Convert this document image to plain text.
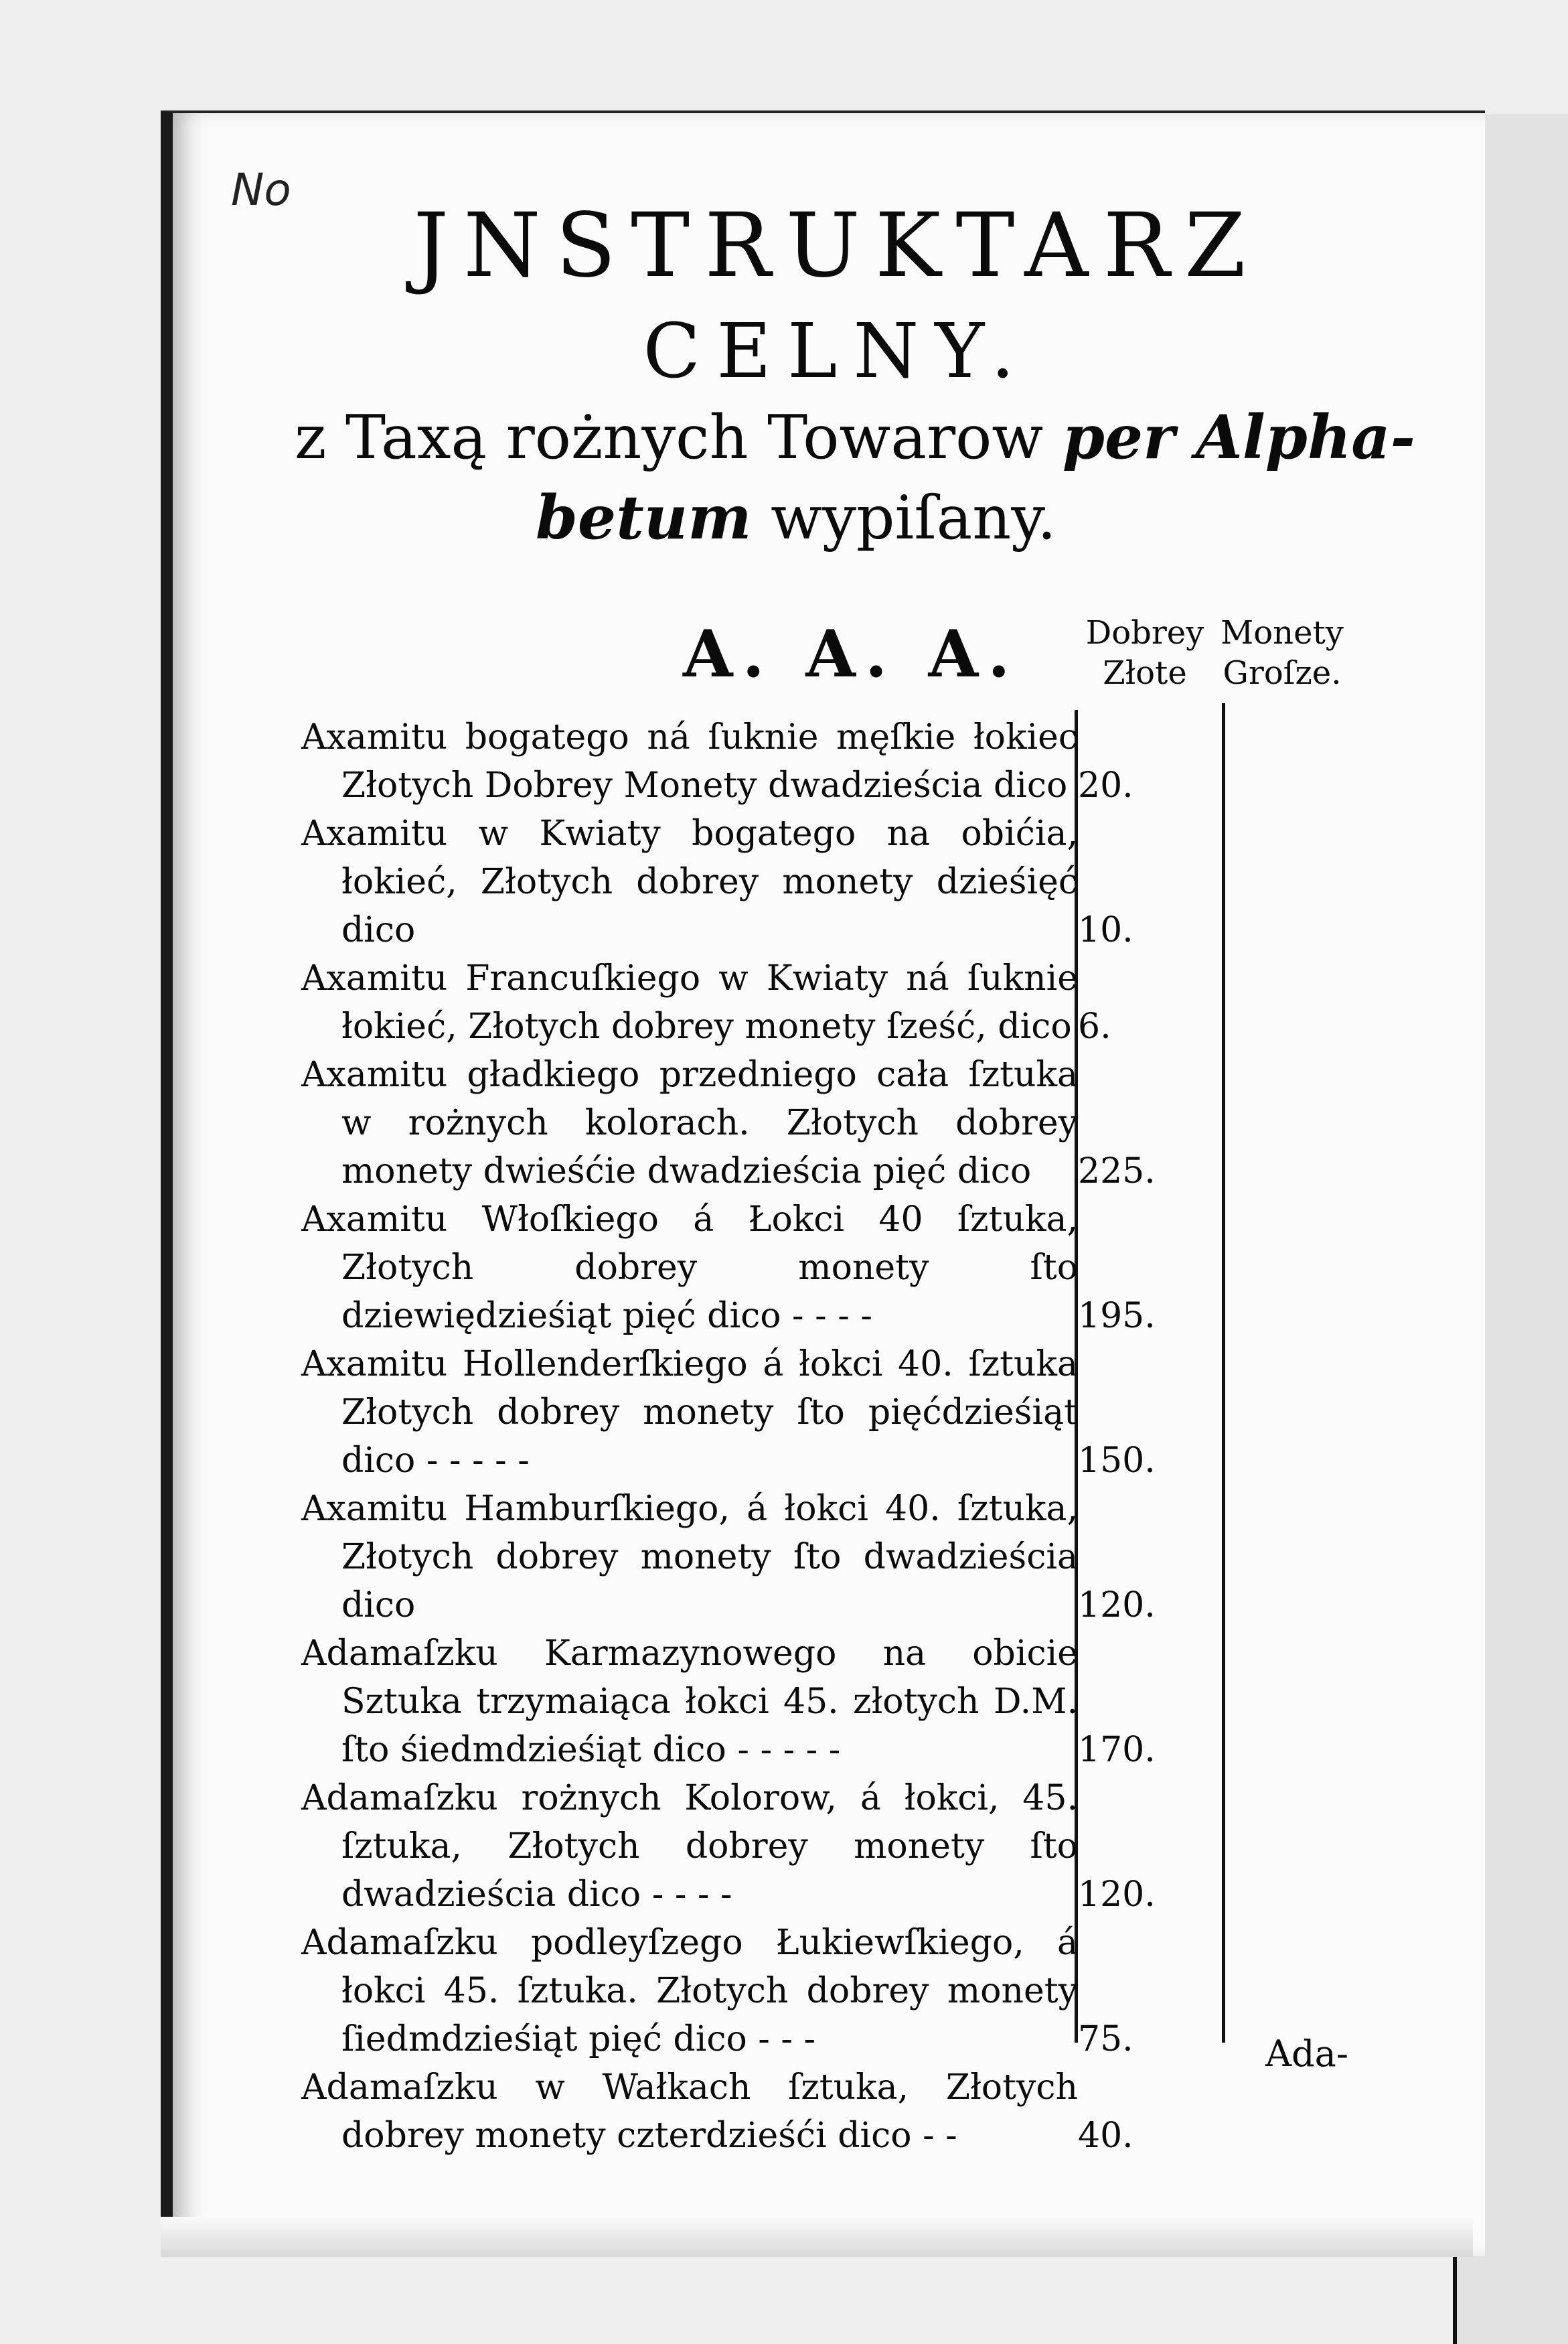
No
JNSTRUKTARZ
CELNY.
z Taxą rożnych Towarow per Alpha-
betum wypiſany.
A. A. A. Dobrey Złote
Monety Groſze.
Axamitu bogatego ná ſuknie męſkie łokiec Złotych Dobrey Monety dwadzieścia dico 20.
Axamitu w Kwiaty bogatego na obićia, łokieć, Złotych dobrey monety dzieśięć dico	10.
Axamitu Francuſkiego w Kwiaty ná ſuknie łokieć, Złotych dobrey monety ſześć, dico 6.
Axamitu gładkiego przedniego cała ſztuka w rożnych kolorach. Złotych dobrey monety dwieśćie dwadzieścia pięć dico 225.
Axamitu Włoſkiego á Łokci 40 ſztuka, Złotych dobrey monety ſto dziewiędzieśiąt pięć dico - - - -	195.
Axamitu Hollenderſkiego á łokci 40. ſztuka Złotych dobrey monety ſto pięćdzieśiąt dico - - - - -	150.
Axamitu Hamburſkiego, á łokci 40. ſztuka, Złotych dobrey monety ſto dwadzieścia dico	120.
Adamaſzku Karmazynowego na obicie Sztuka trzymaiąca łokci 45. złotych D.M. ſto śiedmdzieśiąt dico - - - - -	170.
Adamaſzku rożnych Kolorow, á łokci, 45. ſztuka, Złotych dobrey monety ſto dwadzieścia dico - - - -	120.
Adamaſzku podleyſzego Łukiewſkiego, á łokci 45. ſztuka. Złotych dobrey monety ſiedmdzieśiąt pięć dico - - -	75.
Adamaſzku w Wałkach ſztuka, Złotych dobrey monety czterdzieśći dico - -	40.
Ada-
